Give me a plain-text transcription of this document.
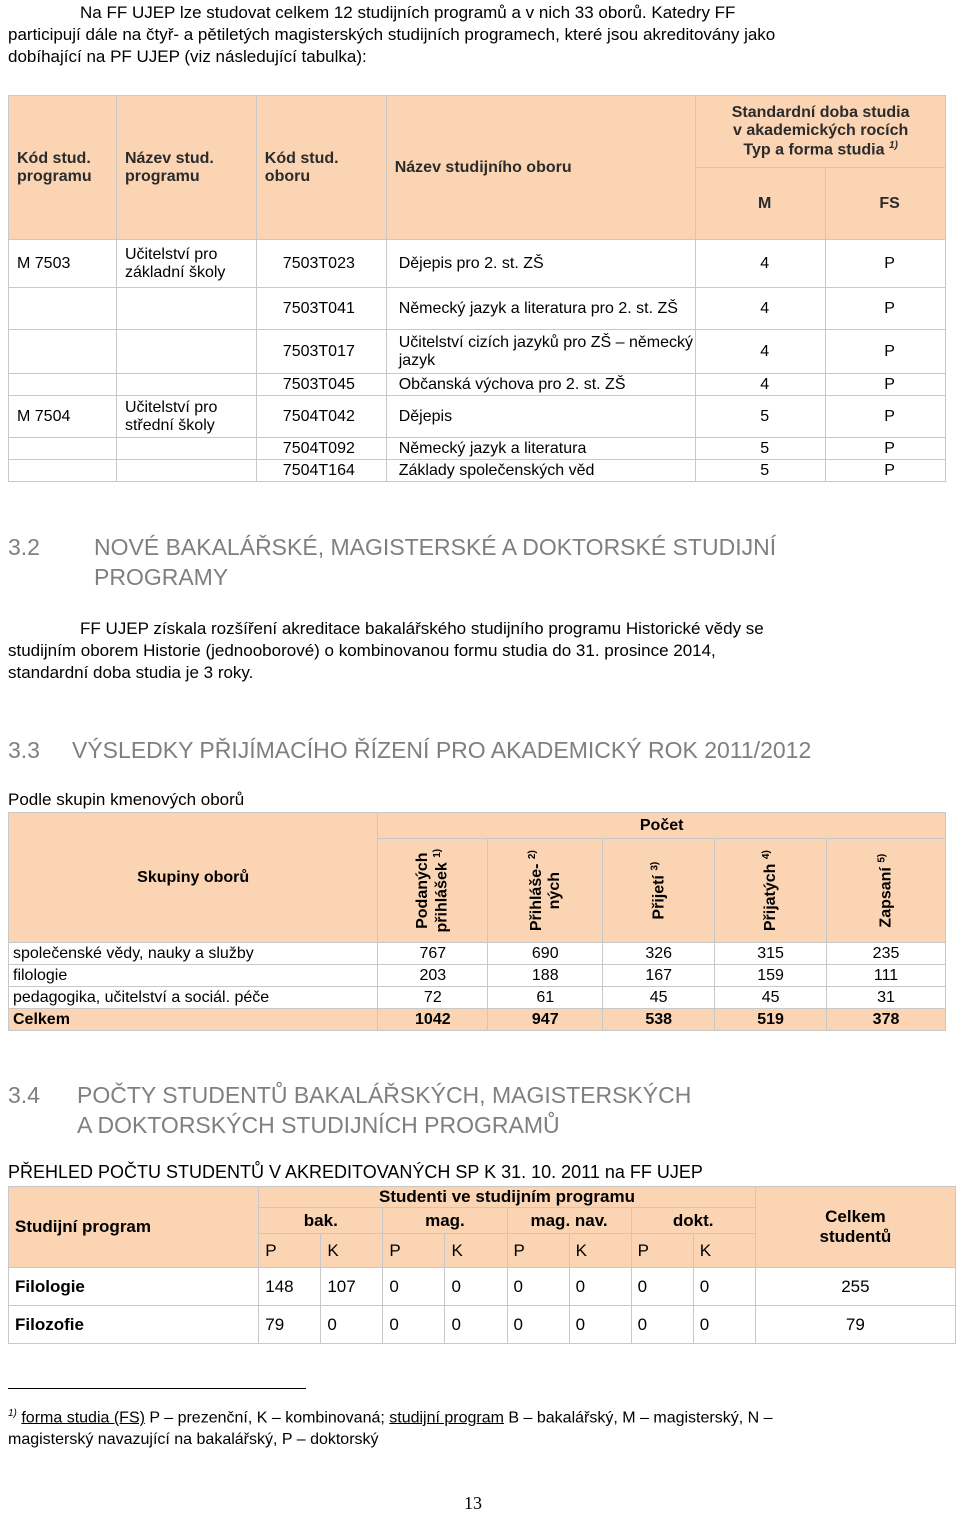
Na FF UJEP lze studovat celkem 12 studijních programů a v nich 33 oborů. Katedry FF
participují dále na čtyř- a pětiletých magisterských studijních programech, které jsou akreditovány jako
dobíhající na PF UJEP (viz následující tabulka):
Kód stud. programu	Název stud. programu	Kód stud. oboru	Název studijního oboru	Standardní doba studia
v akademických rocích
Typ a forma studia $^{1)}$

				M	FS
M 7503	Učitelství pro základní školy	7503T023	Dějepis pro 2. st. ZŠ	4	P
		7503T041	Německý jazyk a literatura pro 2. st. ZŠ	4	P
		7503T017	Učitelství cizích jazyků pro ZŠ – německý jazyk	4	P
		7503T045	Občanská výchova pro 2. st. ZŠ	4	P
M 7504	Učitelství pro střední školy	7504T042	Dějepis	5	P
		7504T092	Německý jazyk a literatura	5	P
		7504T164	Základy společenských věd	5	P
3.2 NOVÉ BAKALÁŘSKÉ, MAGISTERSKÉ A DOKTORSKÉ STUDIJNÍ
PROGRAMY
FF UJEP získala rozšíření akreditace bakalářského studijního programu Historické vědy se
studijním oborem Historie (jednooborové) o kombinovanou formu studia do 31. prosince 2014,
standardní doba studia je 3 roky.
3.3 VÝSLEDKY PŘIJÍMACÍHO ŘÍZENÍ PRO AKADEMICKÝ ROK 2011/2012
Podle skupin kmenových oborů
Skupiny oborů	Počet				
	Podaných přihlášek $^{1)}$	Přihláše- $^{2)}$
ných	Přijetí $^{3)}$	Přijatých $^{4)}$	Zapsaní $^{5)}$
společenské vědy, nauky a služby	767	690	326	315	235
filologie	203	188	167	159	111
pedagogika, učitelství a sociál. péče	72	61	45	45	31
Celkem	1042	947	538	519	378
3.4 POČTY STUDENTŮ BAKALÁŘSKÝCH, MAGISTERSKÝCH
A DOKTORSKÝCH STUDIJNÍCH PROGRAMŮ
PŘEHLED POČTU STUDENTŮ V AKREDITOVANÝCH SP K 31. 10. 2011 na FF UJEP
Studijní program	Studenti ve studijním programu								Celkem studentů
	bak.		mag.		mag. nav.		dokt.		
	P	K	P	K	P	K	P	K	
Filologie	148	107	0	0	0	0	0	0	255
Filozofie	79	0	0	0	0	0	0	0	79
$^{1)}$ forma studia (FS) P – prezenční, K – kombinovaná; studijní program B – bakalářský, M – magisterský, N –
magisterský navazující na bakalářský, P – doktorský
13
